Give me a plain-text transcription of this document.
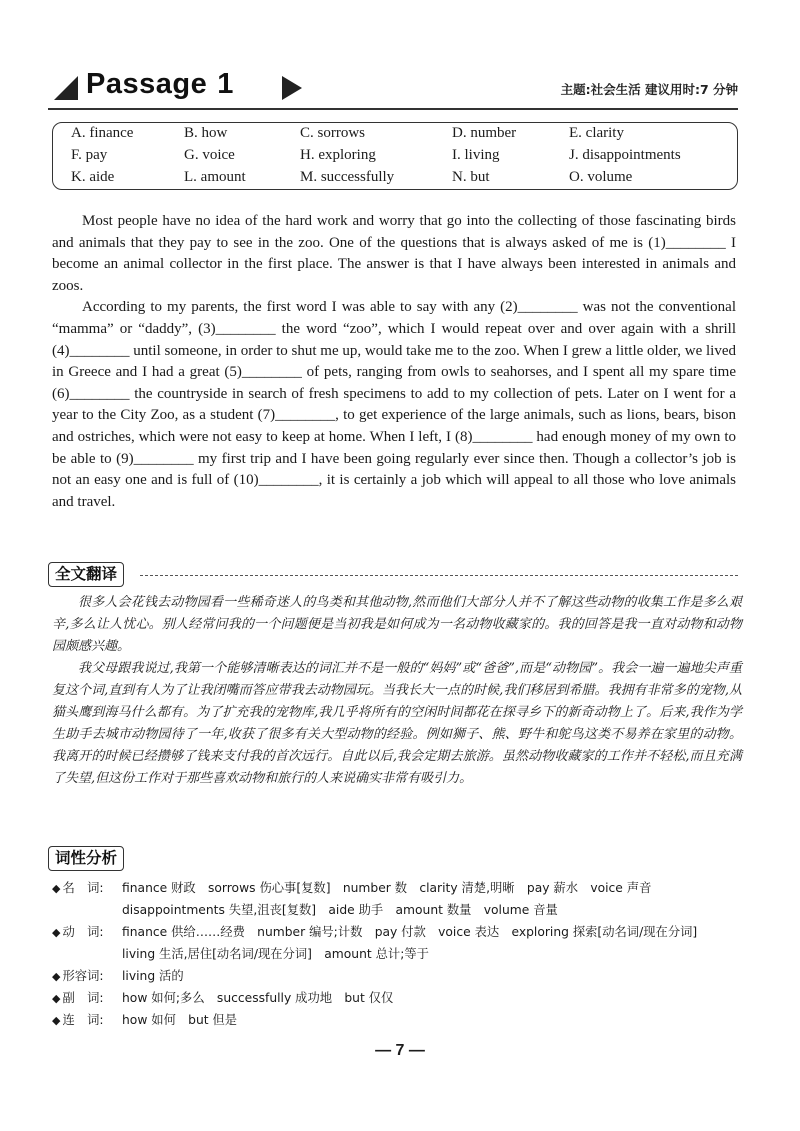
Passage 1	主题:社会生活 建议用时:7 分钟
A. finance	B. how	C. sorrows	D. number	E. clarity
F. pay	G. voice	H. exploring	I. living	J. disappointments
K. aide	L. amount	M. successfully	N. but	O. volume

Most people have no idea of the hard work and worry that go into the collecting of those fascinating birds and animals that they pay to see in the zoo. One of the questions that is always asked of me is (1)________ I become an animal collector in the first place. The answer is that I have always been interested in animals and zoos.

According to my parents, the first word I was able to say with any (2)________ was not the conventional “mamma” or “daddy”, (3)________ the word “zoo”, which I would repeat over and over again with a shrill (4)________ until someone, in order to shut me up, would take me to the zoo. When I grew a little older, we lived in Greece and I had a great (5)________ of pets, ranging from owls to seahorses, and I spent all my spare time (6)________ the countryside in search of fresh specimens to add to my collection of pets. Later on I went for a year to the City Zoo, as a student (7)________, to get experience of the large animals, such as lions, bears, bison and ostriches, which were not easy to keep at home. When I left, I (8)________ had enough money of my own to be able to (9)________ my first trip and I have been going regularly ever since then. Though a collector’s job is not an easy one and is full of (10)________, it is certainly a job which will appeal to all those who love animals and travel.

全文翻译

很多人会花钱去动物园看一些稀奇迷人的鸟类和其他动物,然而他们大部分人并不了解这些动物的收集工作是多么艰辛,多么让人忧心。别人经常问我的一个问题便是当初我是如何成为一名动物收藏家的。我的回答是我一直对动物和动物园颇感兴趣。

我父母跟我说过,我第一个能够清晰表达的词汇并不是一般的“妈妈”或“爸爸”,而是“动物园”。我会一遍一遍地尖声重复这个词,直到有人为了让我闭嘴而答应带我去动物园玩。当我长大一点的时候,我们移居到希腊。我拥有非常多的宠物,从猫头鹰到海马什么都有。为了扩充我的宠物库,我几乎将所有的空闲时间都花在探寻乡下的新奇动物上了。后来,我作为学生助手去城市动物园待了一年,收获了很多有关大型动物的经验。例如狮子、熊、野牛和鸵鸟这类不易养在家里的动物。我离开的时候已经攒够了钱来支付我的首次远行。自此以后,我会定期去旅游。虽然动物收藏家的工作并不轻松,而且充满了失望,但这份工作对于那些喜欢动物和旅行的人来说确实非常有吸引力。

词性分析
◆ 名　词: finance 财政　sorrows 伤心事[复数]　number 数　clarity 清楚,明晰　pay 薪水　voice 声音　disappointments 失望,沮丧[复数]　aide 助手　amount 数量　volume 音量
◆ 动　词: finance 供给……经费　number 编号;计数　pay 付款　voice 表达　exploring 探索[动名词/现在分词]　living 生活,居住[动名词/现在分词]　amount 总计;等于
◆ 形容词: living 活的
◆ 副　词: how 如何;多么　successfully 成功地　but 仅仅
◆ 连　词: how 如何　but 但是
— 7 —
